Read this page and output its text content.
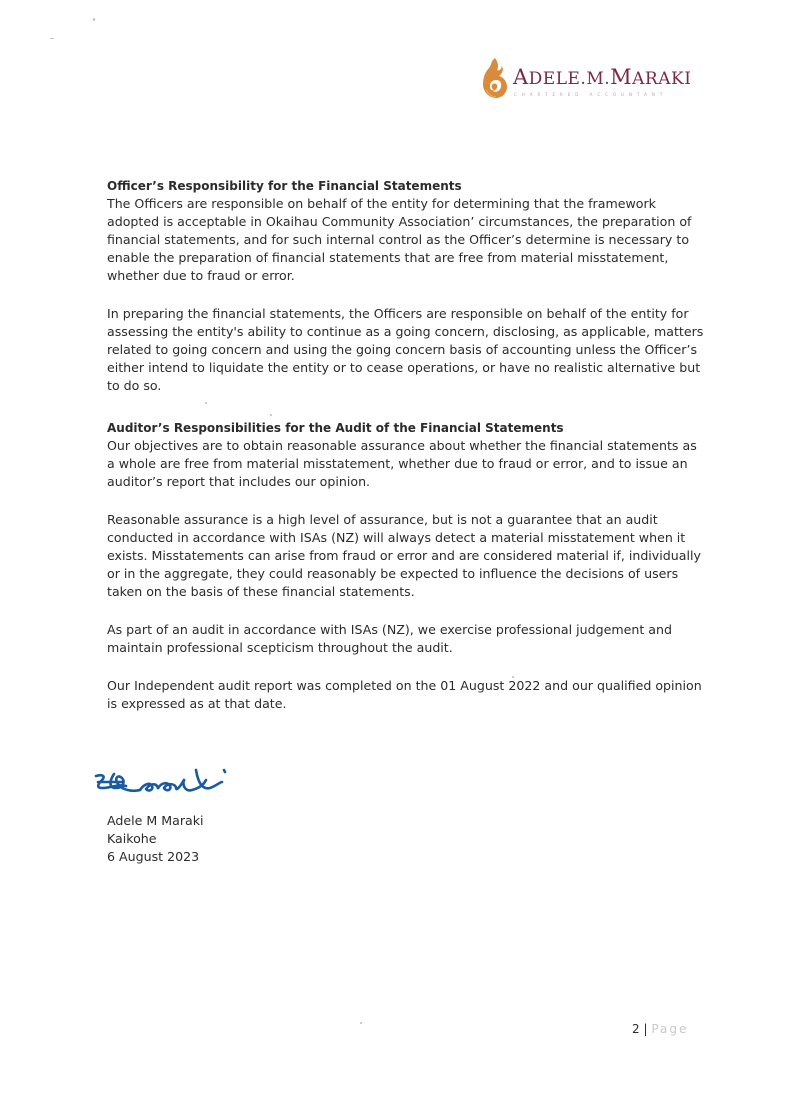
ADELE.M.MARAKI
CHARTERED ACCOUNTANT
Officer’s Responsibility for the Financial Statements

The Officers are responsible on behalf of the entity for determining that the framework adopted is acceptable in Okaihau Community Association’ circumstances, the preparation of financial statements, and for such internal control as the Officer’s determine is necessary to enable the preparation of financial statements that are free from material misstatement, whether due to fraud or error.

In preparing the financial statements, the Officers are responsible on behalf of the entity for assessing the entity's ability to continue as a going concern, disclosing, as applicable, matters related to going concern and using the going concern basis of accounting unless the Officer’s either intend to liquidate the entity or to cease operations, or have no realistic alternative but to do so.

Auditor’s Responsibilities for the Audit of the Financial Statements

Our objectives are to obtain reasonable assurance about whether the financial statements as a whole are free from material misstatement, whether due to fraud or error, and to issue an auditor’s report that includes our opinion.

Reasonable assurance is a high level of assurance, but is not a guarantee that an audit conducted in accordance with ISAs (NZ) will always detect a material misstatement when it exists. Misstatements can arise from fraud or error and are considered material if, individually or in the aggregate, they could reasonably be expected to influence the decisions of users taken on the basis of these financial statements.

As part of an audit in accordance with ISAs (NZ), we exercise professional judgement and maintain professional scepticism throughout the audit.

Our Independent audit report was completed on the 01 August 2022 and our qualified opinion is expressed as at that date.

Adele M Maraki
Kaikohe
6 August 2023
2 | Page
